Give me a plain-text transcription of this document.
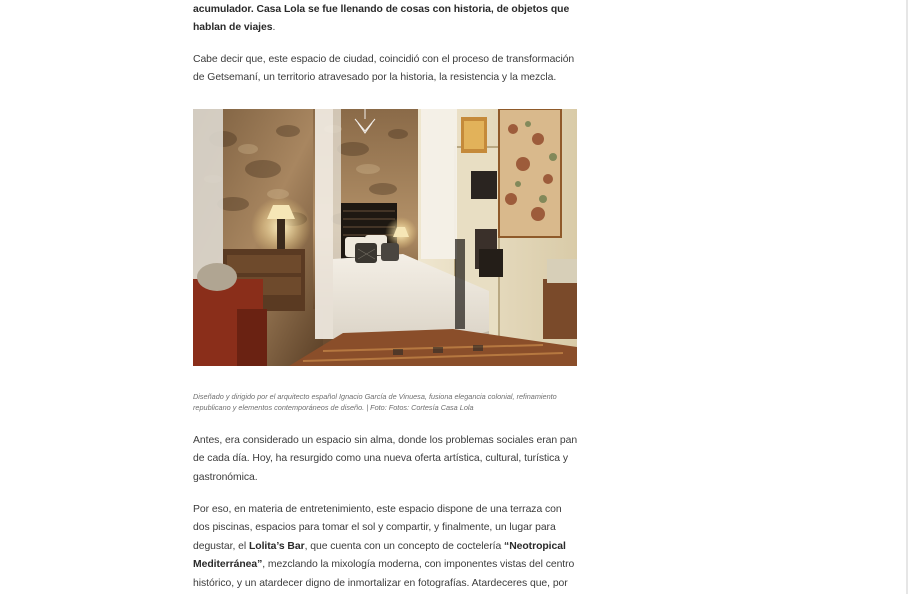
acumulador. Casa Lola se fue llenando de cosas con historia, de objetos que hablan de viajes.

Cabe decir que, este espacio de ciudad, coincidió con el proceso de transformación de Getsemaní, un territorio atravesado por la historia, la resistencia y la mezcla.

Diseñado y dirigido por el arquitecto español Ignacio García de Vinuesa, fusiona elegancia colonial, refinamiento republicano y elementos contemporáneos de diseño. | Foto: Fotos: Cortesía Casa Lola

Antes, era considerado un espacio sin alma, donde los problemas sociales eran pan de cada día. Hoy, ha resurgido como una nueva oferta artística, cultural, turística y gastronómica.

Por eso, en materia de entretenimiento, este espacio dispone de una terraza con dos piscinas, espacios para tomar el sol y compartir, y finalmente, un lugar para degustar, el Lolita’s Bar, que cuenta con un concepto de coctelería “Neotropical Mediterránea”, mezclando la mixología moderna, con imponentes vistas del centro histórico, y un atardecer digno de inmortalizar en fotografías. Atardeceres que, por
